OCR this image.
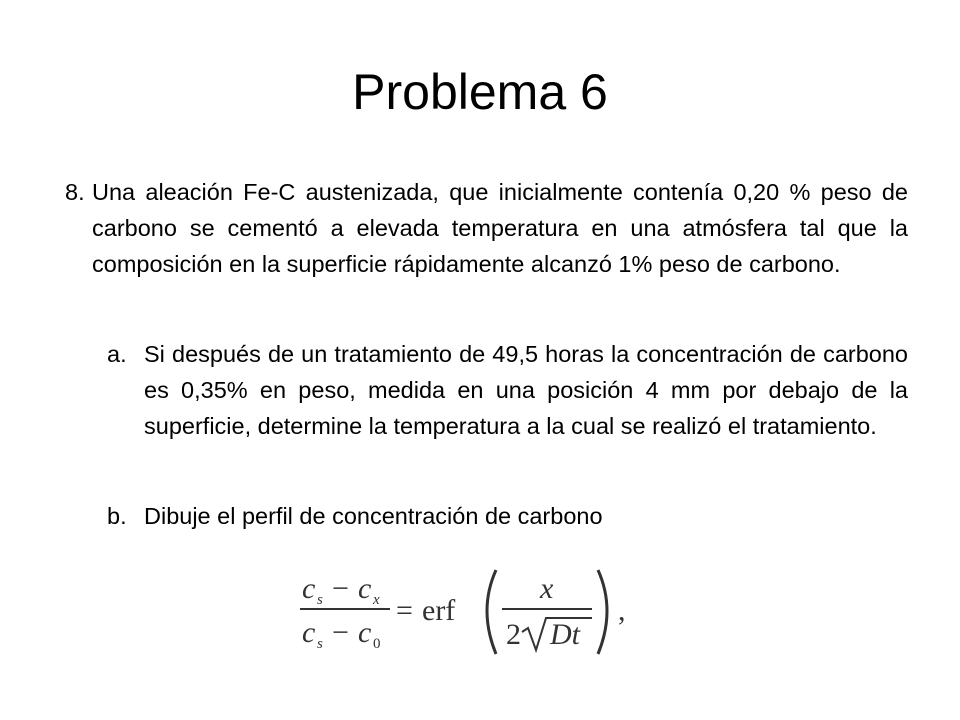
Problema 6
8. Una aleación Fe-C austenizada, que inicialmente contenía 0,20 % peso de carbono se cementó a elevada temperatura en una atmósfera tal que la composición en la superficie rápidamente alcanzó 1% peso de carbono.
a. Si después de un tratamiento de 49,5 horas la concentración de carbono es 0,35% en peso, medida en una posición 4 mm por debajo de la superficie, determine la temperatura a la cual se realizó el tratamiento.
b. Dibuje el perfil de concentración de carbono
c s − c x
c s − c 0
= erf
x
2 Dt
,
